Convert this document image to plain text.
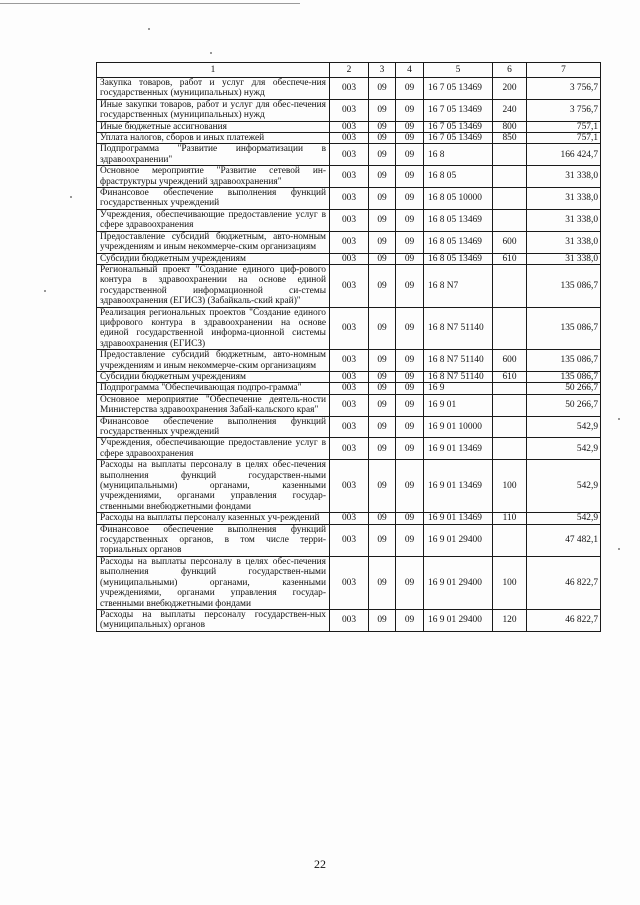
1	2	3	4	5	6	7
Закупка товаров, работ и услуг для обеспече-ния государственных (муниципальных) нужд	003	09	09	16 7 05 13469	200	3 756,7
Иные закупки товаров, работ и услуг для обес-печения государственных (муниципальных) нужд	003	09	09	16 7 05 13469	240	3 756,7
Иные бюджетные ассигнования	003	09	09	16 7 05 13469	800	757,1
Уплата налогов, сборов и иных платежей	003	09	09	16 7 05 13469	850	757,1
Подпрограмма "Развитие информатизации в здравоохранении"	003	09	09	16 8		166 424,7
Основное мероприятие "Развитие сетевой ин-фраструктуры учреждений здравоохранения"	003	09	09	16 8 05		31 338,0
Финансовое обеспечение выполнения функций государственных учреждений	003	09	09	16 8 05 10000		31 338,0
Учреждения, обеспечивающие предоставление услуг в сфере здравоохранения	003	09	09	16 8 05 13469		31 338,0
Предоставление субсидий бюджетным, авто-номным учреждениям и иным некоммерче-ским организациям	003	09	09	16 8 05 13469	600	31 338,0
Субсидии бюджетным учреждениям	003	09	09	16 8 05 13469	610	31 338,0
Региональный проект "Создание единого циф-рового контура в здравоохранении на основе единой государственной информационной си-стемы здравоохранения (ЕГИСЗ) (Забайкаль-ский край)"	003	09	09	16 8 N7		135 086,7
Реализация региональных проектов "Создание единого цифрового контура в здравоохранении на основе единой государственной информа-ционной системы здравоохранения (ЕГИСЗ)	003	09	09	16 8 N7 51140		135 086,7
Предоставление субсидий бюджетным, авто-номным учреждениям и иным некоммерче-ским организациям	003	09	09	16 8 N7 51140	600	135 086,7
Субсидии бюджетным учреждениям	003	09	09	16 8 N7 51140	610	135 086,7
Подпрограмма "Обеспечивающая подпро-грамма"	003	09	09	16 9		50 266,7
Основное мероприятие "Обеспечение деятель-ности Министерства здравоохранения Забай-кальского края"	003	09	09	16 9 01		50 266,7
Финансовое обеспечение выполнения функций государственных учреждений	003	09	09	16 9 01 10000		542,9
Учреждения, обеспечивающие предоставление услуг в сфере здравоохранения	003	09	09	16 9 01 13469		542,9
Расходы на выплаты персоналу в целях обес-печения выполнения функций государствен-ными (муниципальными) органами, казенными учреждениями, органами управления государ-ственными внебюджетными фондами	003	09	09	16 9 01 13469	100	542,9
Расходы на выплаты персоналу казенных уч-реждений	003	09	09	16 9 01 13469	110	542,9
Финансовое обеспечение выполнения функций государственных органов, в том числе терри-ториальных органов	003	09	09	16 9 01 29400		47 482,1
Расходы на выплаты персоналу в целях обес-печения выполнения функций государствен-ными (муниципальными) органами, казенными учреждениями, органами управления государ-ственными внебюджетными фондами	003	09	09	16 9 01 29400	100	46 822,7
Расходы на выплаты персоналу государствен-ных (муниципальных) органов	003	09	09	16 9 01 29400	120	46 822,7
22
